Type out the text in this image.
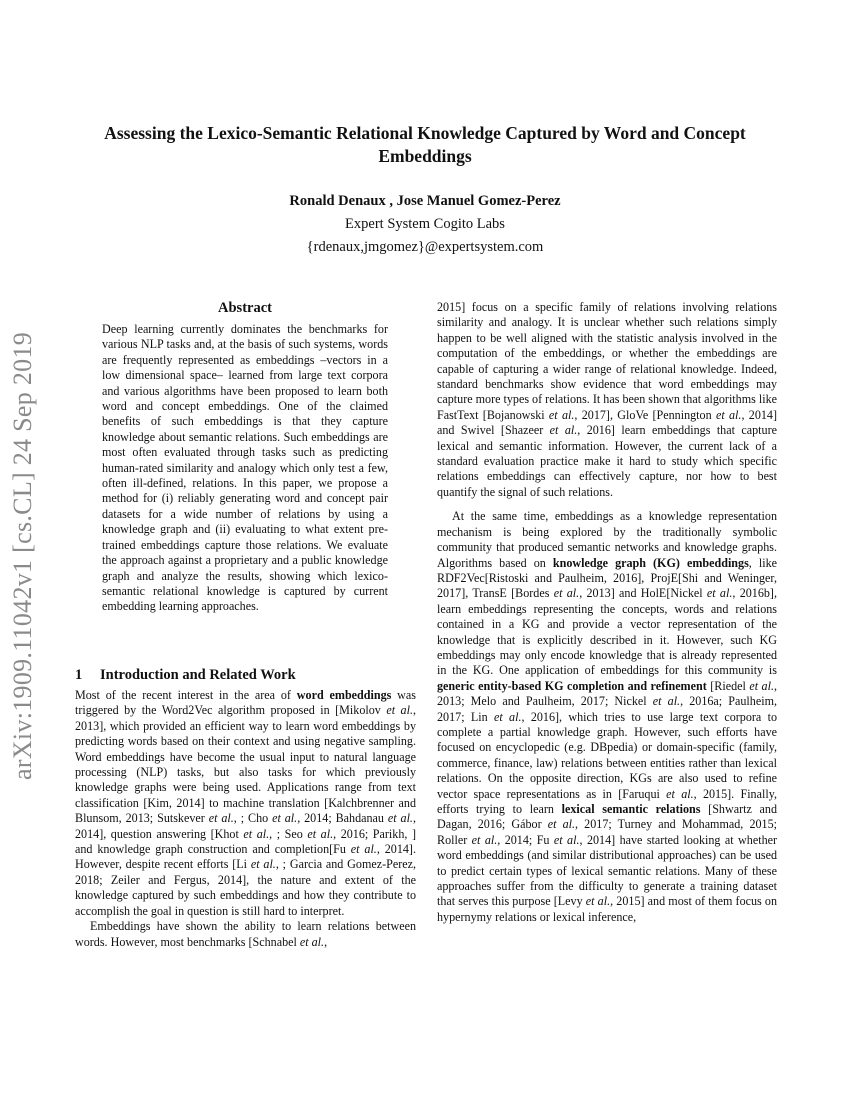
arXiv:1909.11042v1 [cs.CL] 24 Sep 2019
Assessing the Lexico-Semantic Relational Knowledge Captured by Word and Concept Embeddings
Ronald Denaux , Jose Manuel Gomez-Perez
Expert System Cogito Labs
{rdenaux,jmgomez}@expertsystem.com
Abstract

Deep learning currently dominates the benchmarks for various NLP tasks and, at the basis of such systems, words are frequently represented as embeddings –vectors in a low dimensional space– learned from large text corpora and various algorithms have been proposed to learn both word and concept embeddings. One of the claimed benefits of such embeddings is that they capture knowledge about semantic relations. Such embeddings are most often evaluated through tasks such as predicting human-rated similarity and analogy which only test a few, often ill-defined, relations. In this paper, we propose a method for (i) reliably generating word and concept pair datasets for a wide number of relations by using a knowledge graph and (ii) evaluating to what extent pre-trained embeddings capture those relations. We evaluate the approach against a proprietary and a public knowledge graph and analyze the results, showing which lexico-semantic relational knowledge is captured by current embedding learning approaches.

1 Introduction and Related Work

Most of the recent interest in the area of word embeddings was triggered by the Word2Vec algorithm proposed in [Mikolov et al., 2013], which provided an efficient way to learn word embeddings by predicting words based on their context and using negative sampling. Word embeddings have become the usual input to natural language processing (NLP) tasks, but also tasks for which previously knowledge graphs were being used. Applications range from text classification [Kim, 2014] to machine translation [Kalchbrenner and Blunsom, 2013; Sutskever et al., ; Cho et al., 2014; Bahdanau et al., 2014], question answering [Khot et al., ; Seo et al., 2016; Parikh, ] and knowledge graph construction and completion[Fu et al., 2014]. However, despite recent efforts [Li et al., ; Garcia and Gomez-Perez, 2018; Zeiler and Fergus, 2014], the nature and extent of the knowledge captured by such embeddings and how they contribute to accomplish the goal in question is still hard to interpret.

Embeddings have shown the ability to learn relations between words. However, most benchmarks [Schnabel et al.,

2015] focus on a specific family of relations involving relations similarity and analogy. It is unclear whether such relations simply happen to be well aligned with the statistic analysis involved in the computation of the embeddings, or whether the embeddings are capable of capturing a wider range of relational knowledge. Indeed, standard benchmarks show evidence that word embeddings may capture more types of relations. It has been shown that algorithms like FastText [Bojanowski et al., 2017], GloVe [Pennington et al., 2014] and Swivel [Shazeer et al., 2016] learn embeddings that capture lexical and semantic information. However, the current lack of a standard evaluation practice make it hard to study which specific relations embeddings can effectively capture, nor how to best quantify the signal of such relations.

At the same time, embeddings as a knowledge representation mechanism is being explored by the traditionally symbolic community that produced semantic networks and knowledge graphs. Algorithms based on knowledge graph (KG) embeddings, like RDF2Vec[Ristoski and Paulheim, 2016], ProjE[Shi and Weninger, 2017], TransE [Bordes et al., 2013] and HolE[Nickel et al., 2016b], learn embeddings representing the concepts, words and relations contained in a KG and provide a vector representation of the knowledge that is explicitly described in it. However, such KG embeddings may only encode knowledge that is already represented in the KG. One application of embeddings for this community is generic entity-based KG completion and refinement [Riedel et al., 2013; Melo and Paulheim, 2017; Nickel et al., 2016a; Paulheim, 2017; Lin et al., 2016], which tries to use large text corpora to complete a partial knowledge graph. However, such efforts have focused on encyclopedic (e.g. DBpedia) or domain-specific (family, commerce, finance, law) relations between entities rather than lexical relations. On the opposite direction, KGs are also used to refine vector space representations as in [Faruqui et al., 2015]. Finally, efforts trying to learn lexical semantic relations [Shwartz and Dagan, 2016; Gábor et al., 2017; Turney and Mohammad, 2015; Roller et al., 2014; Fu et al., 2014] have started looking at whether word embeddings (and similar distributional approaches) can be used to predict certain types of lexical semantic relations. Many of these approaches suffer from the difficulty to generate a training dataset that serves this purpose [Levy et al., 2015] and most of them focus on hypernymy relations or lexical inference,
